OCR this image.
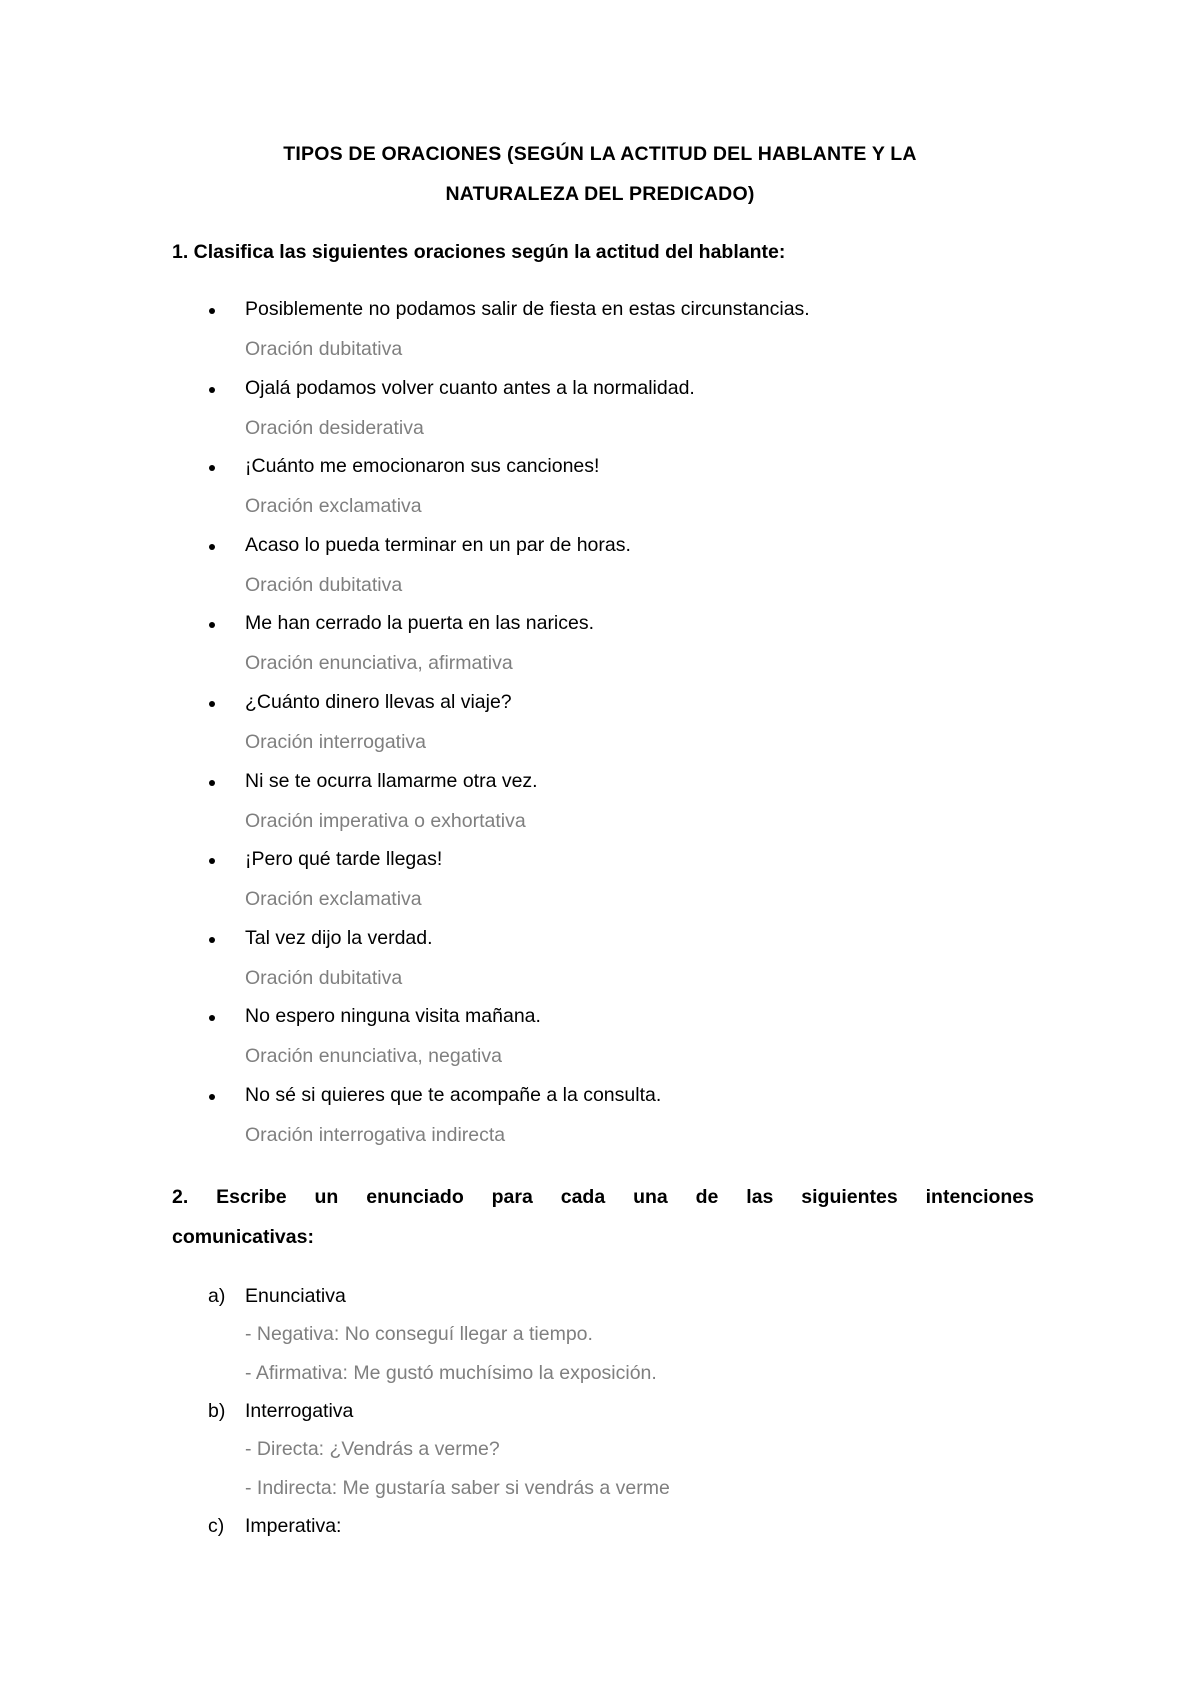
TIPOS DE ORACIONES (SEGÚN LA ACTITUD DEL HABLANTE Y LA
NATURALEZA DEL PREDICADO)
1. Clasifica las siguientes oraciones según la actitud del hablante:
Posiblemente no podamos salir de fiesta en estas circunstancias.
Oración dubitativa
Ojalá podamos volver cuanto antes a la normalidad.
Oración desiderativa
¡Cuánto me emocionaron sus canciones!
Oración exclamativa
Acaso lo pueda terminar en un par de horas.
Oración dubitativa
Me han cerrado la puerta en las narices.
Oración enunciativa, afirmativa
¿Cuánto dinero llevas al viaje?
Oración interrogativa
Ni se te ocurra llamarme otra vez.
Oración imperativa o exhortativa
¡Pero qué tarde llegas!
Oración exclamativa
Tal vez dijo la verdad.
Oración dubitativa
No espero ninguna visita mañana.
Oración enunciativa, negativa
No sé si quieres que te acompañe a la consulta.
Oración interrogativa indirecta
2. Escribe un enunciado para cada una de las siguientes intenciones
comunicativas:
a) Enunciativa
- Negativa: No conseguí llegar a tiempo.
- Afirmativa: Me gustó muchísimo la exposición.
b) Interrogativa
- Directa: ¿Vendrás a verme?
- Indirecta: Me gustaría saber si vendrás a verme
c) Imperativa:
